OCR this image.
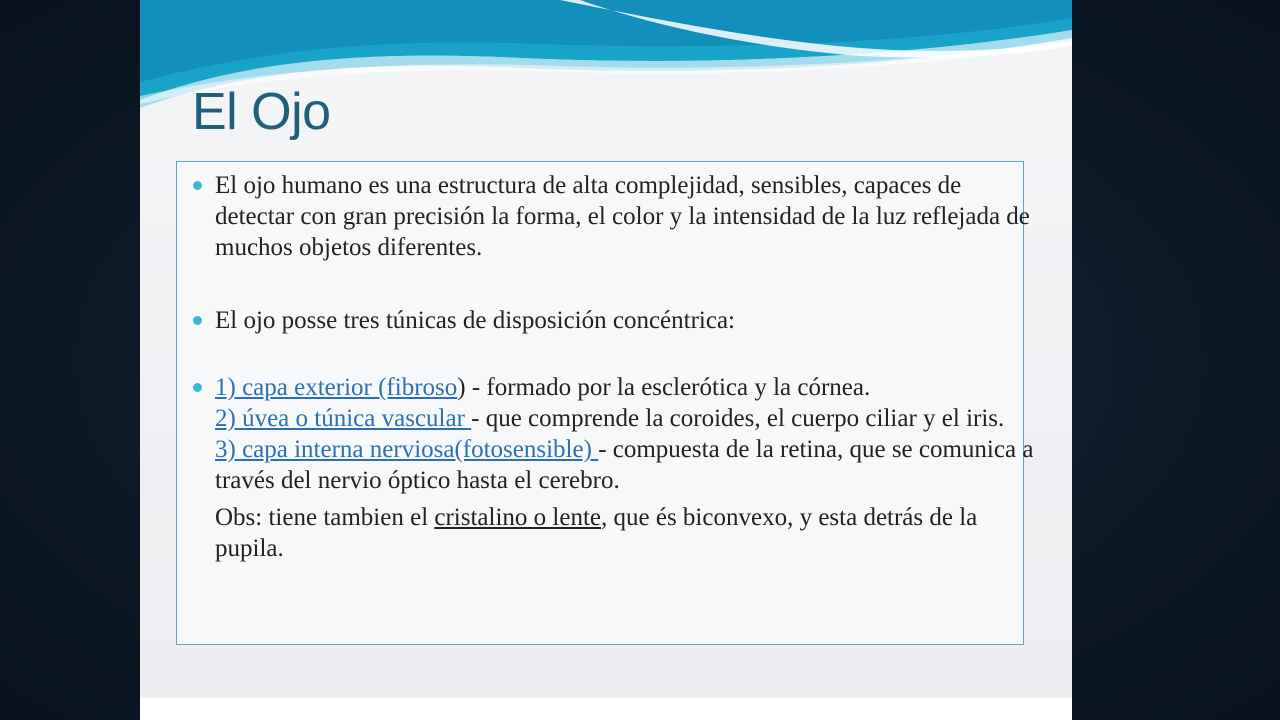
El Ojo
El ojo humano es una estructura de alta complejidad, sensibles, capaces de detectar con gran precisión la forma, el color y la intensidad de la luz reflejada de muchos objetos diferentes.
El ojo posse tres túnicas de disposición concéntrica:
1) capa exterior (fibroso) - formado por la esclerótica y la córnea.
2) úvea o túnica vascular - que comprende la coroides, el cuerpo ciliar y el iris.
3) capa interna nerviosa(fotosensible) - compuesta de la retina, que se comunica a través del nervio óptico hasta el cerebro.
Obs: tiene tambien el cristalino o lente, que és biconvexo, y esta detrás de la pupila.
